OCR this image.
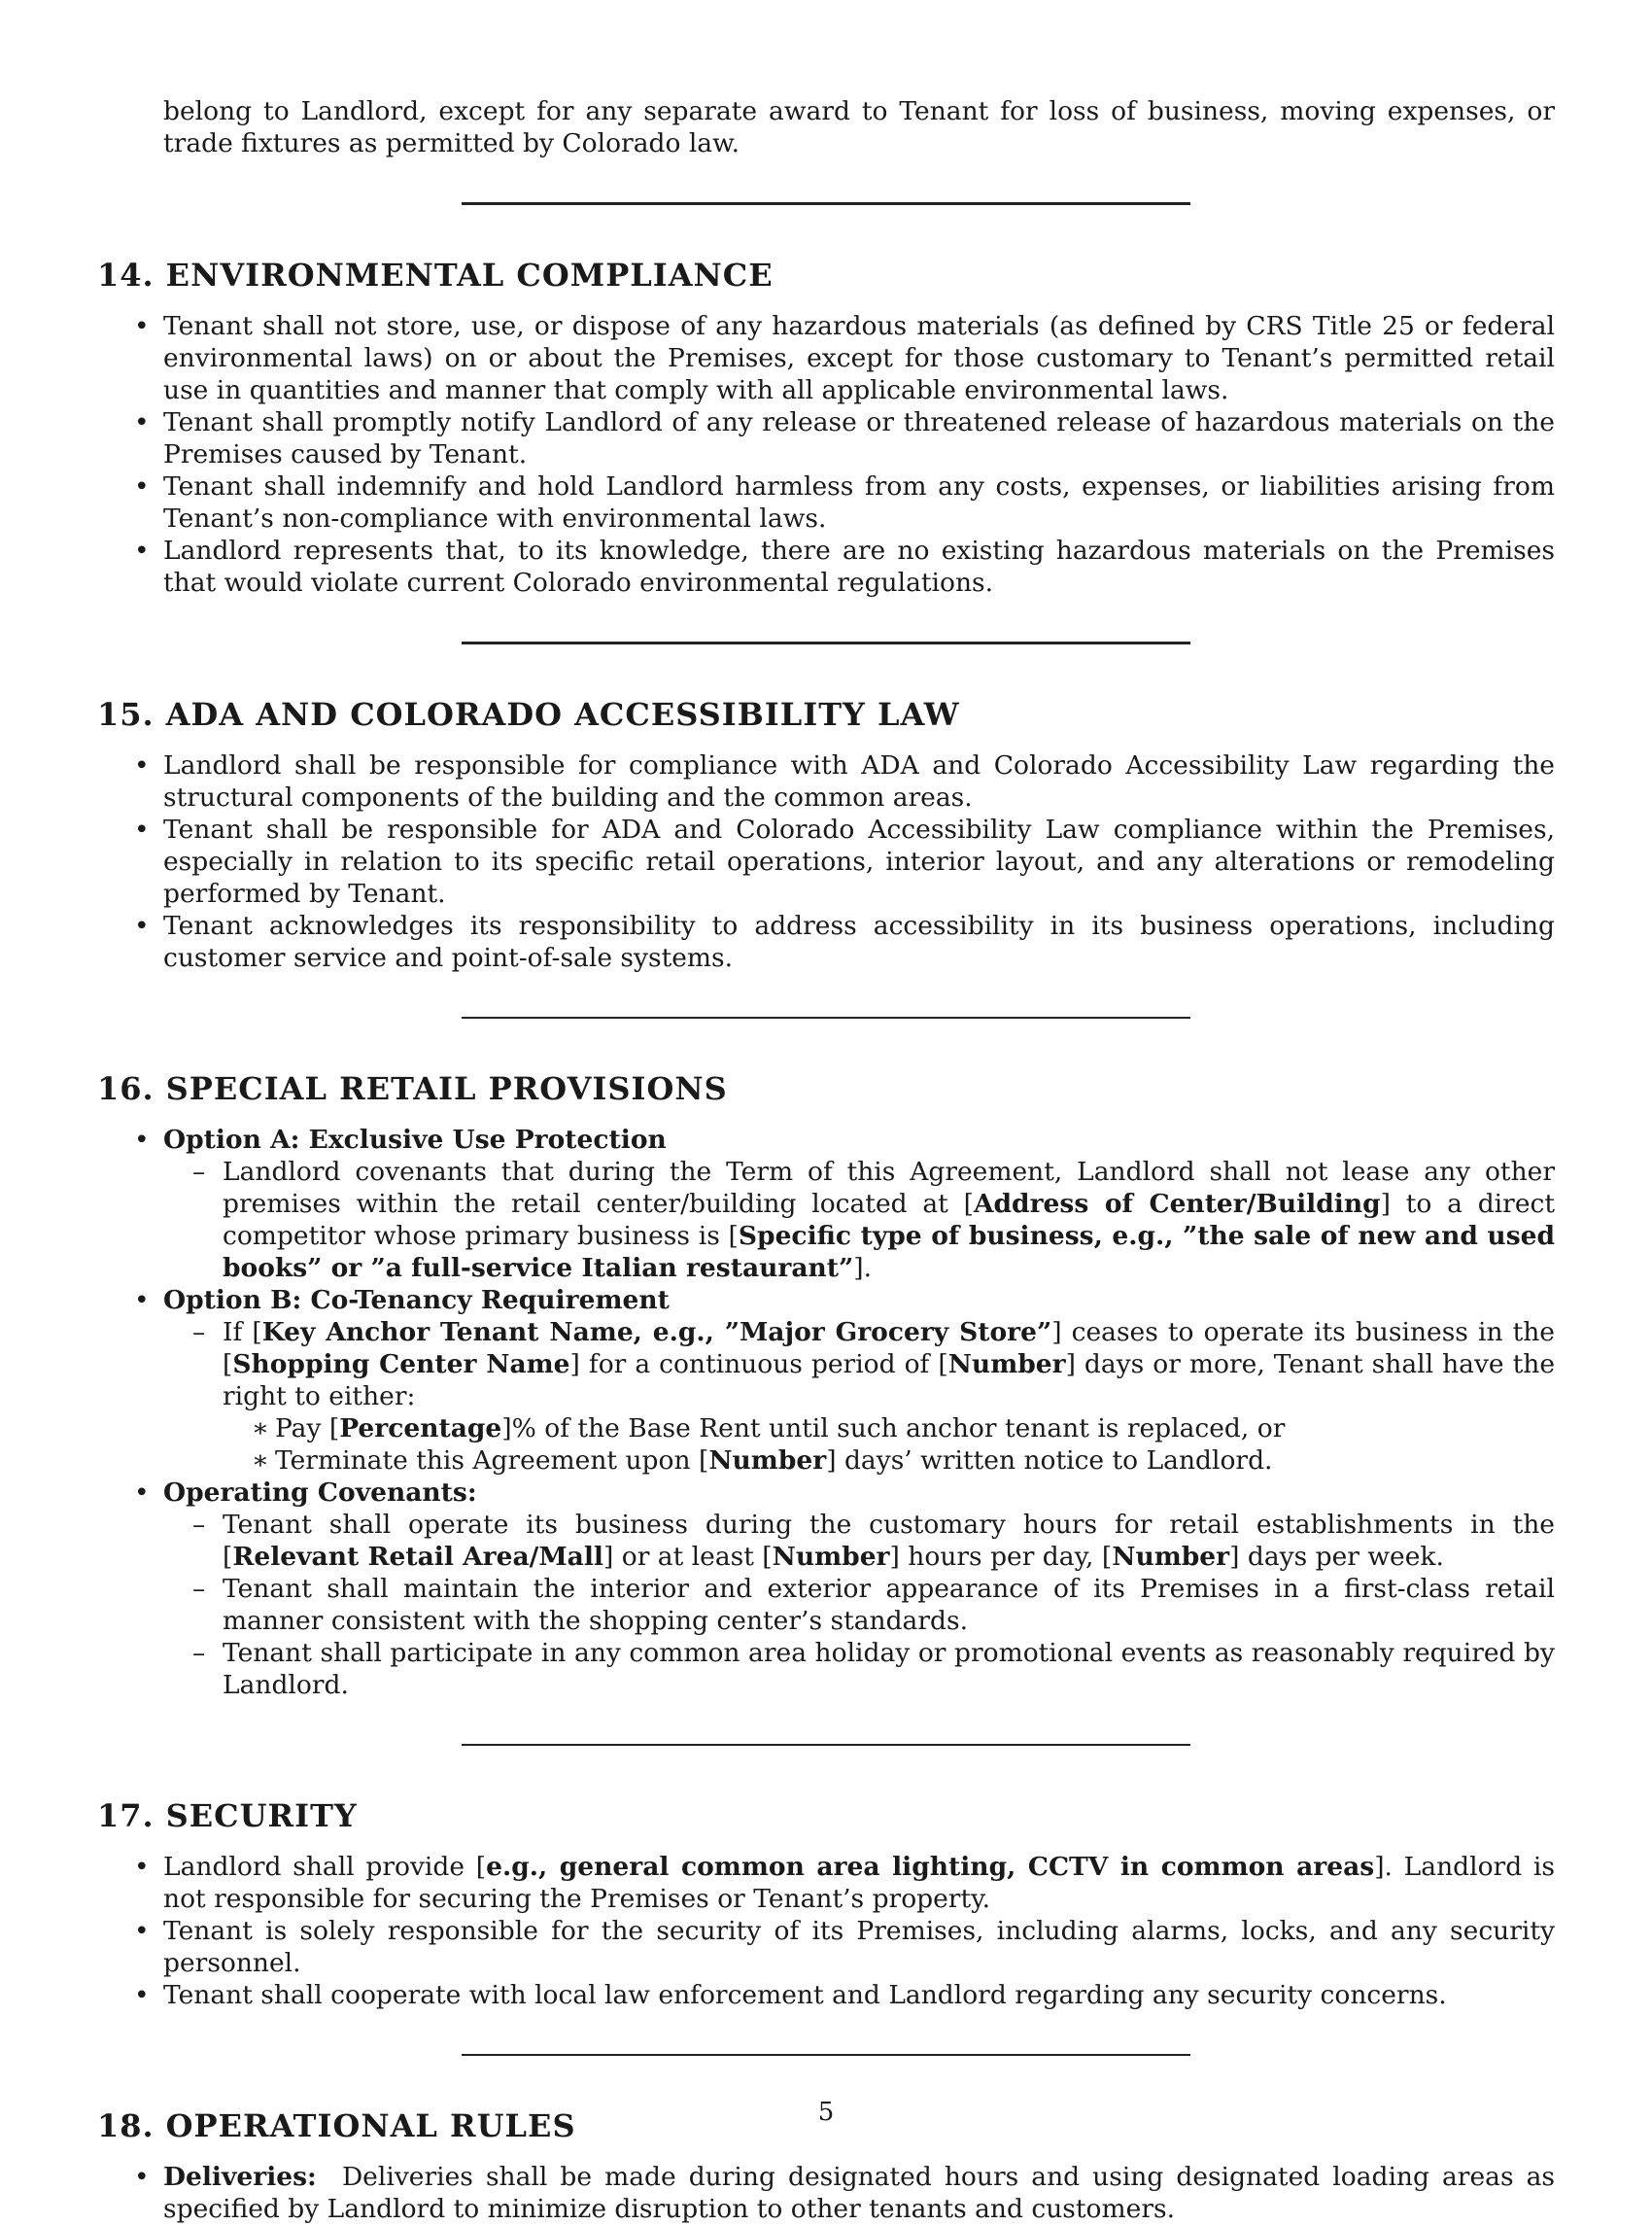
belong to Landlord, except for any separate award to Tenant for loss of business, moving expenses, or trade fixtures as permitted by Colorado law.

14. ENVIRONMENTAL COMPLIANCE
• Tenant shall not store, use, or dispose of any hazardous materials (as defined by CRS Title 25 or federal environmental laws) on or about the Premises, except for those customary to Tenant’s permitted retail use in quantities and manner that comply with all applicable environmental laws.
• Tenant shall promptly notify Landlord of any release or threatened release of hazardous materials on the Premises caused by Tenant.
• Tenant shall indemnify and hold Landlord harmless from any costs, expenses, or liabilities arising from Tenant’s non-compliance with environmental laws.
• Landlord represents that, to its knowledge, there are no existing hazardous materials on the Premises that would violate current Colorado environmental regulations.
15. ADA AND COLORADO ACCESSIBILITY LAW
• Landlord shall be responsible for compliance with ADA and Colorado Accessibility Law regarding the structural components of the building and the common areas.
• Tenant shall be responsible for ADA and Colorado Accessibility Law compliance within the Premises, especially in relation to its specific retail operations, interior layout, and any alterations or remodeling performed by Tenant.
• Tenant acknowledges its responsibility to address accessibility in its business operations, including customer service and point-of-sale systems.
16. SPECIAL RETAIL PROVISIONS
• Option A: Exclusive Use Protection
– Landlord covenants that during the Term of this Agreement, Landlord shall not lease any other premises within the retail center/building located at [Address of Center/Building] to a direct competitor whose primary business is [Specific type of business, e.g., ”the sale of new and used books” or ”a full-service Italian restaurant”].
• Option B: Co-Tenancy Requirement
– If [Key Anchor Tenant Name, e.g., ”Major Grocery Store”] ceases to operate its business in the [Shopping Center Name] for a continuous period of [Number] days or more, Tenant shall have the right to either:
∗ Pay [Percentage]% of the Base Rent until such anchor tenant is replaced, or
∗ Terminate this Agreement upon [Number] days’ written notice to Landlord.
• Operating Covenants:
– Tenant shall operate its business during the customary hours for retail establishments in the [Relevant Retail Area/Mall] or at least [Number] hours per day, [Number] days per week.
– Tenant shall maintain the interior and exterior appearance of its Premises in a first-class retail manner consistent with the shopping center’s standards.
– Tenant shall participate in any common area holiday or promotional events as reasonably required by Landlord.
17. SECURITY
• Landlord shall provide [e.g., general common area lighting, CCTV in common areas]. Landlord is not responsible for securing the Premises or Tenant’s property.
• Tenant is solely responsible for the security of its Premises, including alarms, locks, and any security personnel.
• Tenant shall cooperate with local law enforcement and Landlord regarding any security concerns.
18. OPERATIONAL RULES
• Deliveries: Deliveries shall be made during designated hours and using designated loading areas as specified by Landlord to minimize disruption to other tenants and customers.
5
